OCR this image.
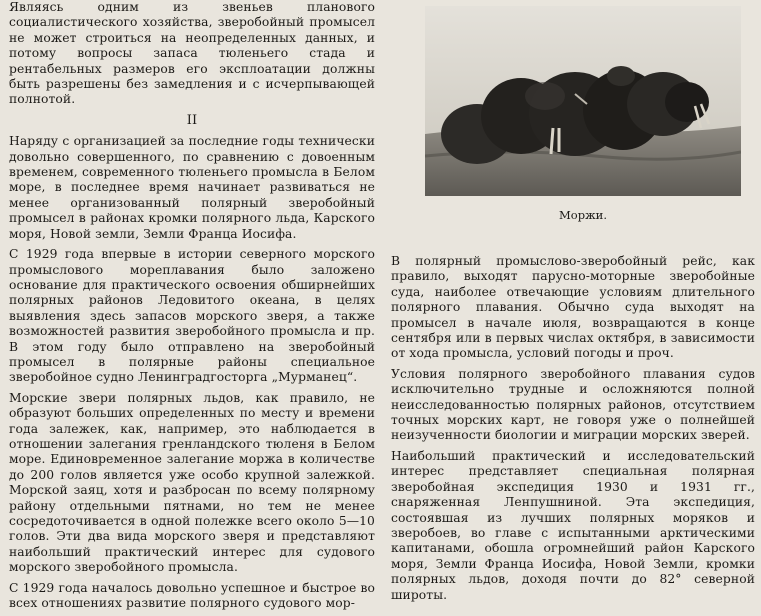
Являясь одним из звеньев планового социалистического хозяйства, зверобойный промысел не может строиться на неопределенных данных, и потому вопросы запаса тюленьего стада и рентабельных размеров его эксплоатации должны быть разрешены без замедления и с исчерпывающей полнотой.

II

Наряду с организацией за последние годы технически довольно совершенного, по сравнению с довоенным временем, современного тюленьего промысла в Белом море, в последнее время начинает развиваться не менее организованный полярный зверобойный промысел в районах кромки полярного льда, Карского моря, Новой земли, Земли Франца Иосифа.

С 1929 года впервые в истории северного морского промыслового мореплавания было заложено основание для практического освоения обширнейших полярных районов Ледовитого океана, в целях выявления здесь запасов морского зверя, а также возможностей развития зверобойного промысла и пр. В этом году было отправлено на зверобойный промысел в полярные районы специальное зверобойное судно Ленинградгосторга „Мурманец“.

Морские звери полярных льдов, как правило, не образуют больших определенных по месту и времени года залежек, как, например, это наблюдается в отношении залегания гренландского тюленя в Белом море. Единовременное залегание моржа в количестве до 200 голов является уже особо крупной залежкой. Морской заяц, хотя и разбросан по всему полярному району отдельными пятнами, но тем не менее сосредоточивается в одной полежке всего около 5—10 голов. Эти два вида морского зверя и представляют наибольший практический интерес для судового морского зверобойного промысла.

С 1929 года началось довольно успешное и быстрое во всех отношениях развитие полярного судового мор-

Моржи.

В полярный промыслово-зверобойный рейс, как правило, выходят парусно-моторные зверобойные суда, наиболее отвечающие условиям длительного полярного плавания. Обычно суда выходят на промысел в начале июля, возвращаются в конце сентября или в первых числах октября, в зависимости от хода промысла, условий погоды и проч.

Условия полярного зверобойного плавания судов исключительно трудные и осложняются полной неисследованностью полярных районов, отсутствием точных морских карт, не говоря уже о полнейшей неизученности биологии и миграции морских зверей.

Наибольший практический и исследовательский интерес представляет специальная полярная зверобойная экспедиция 1930 и 1931 гг., снаряженная Ленпушниной. Эта экспедиция, состоявшая из лучших полярных моряков и зверобоев, во главе с испытанными арктическими капитанами, обошла огромнейший район Карского моря, Земли Франца Иосифа, Новой Земли, кромки полярных льдов, доходя почти до 82° северной широты.
